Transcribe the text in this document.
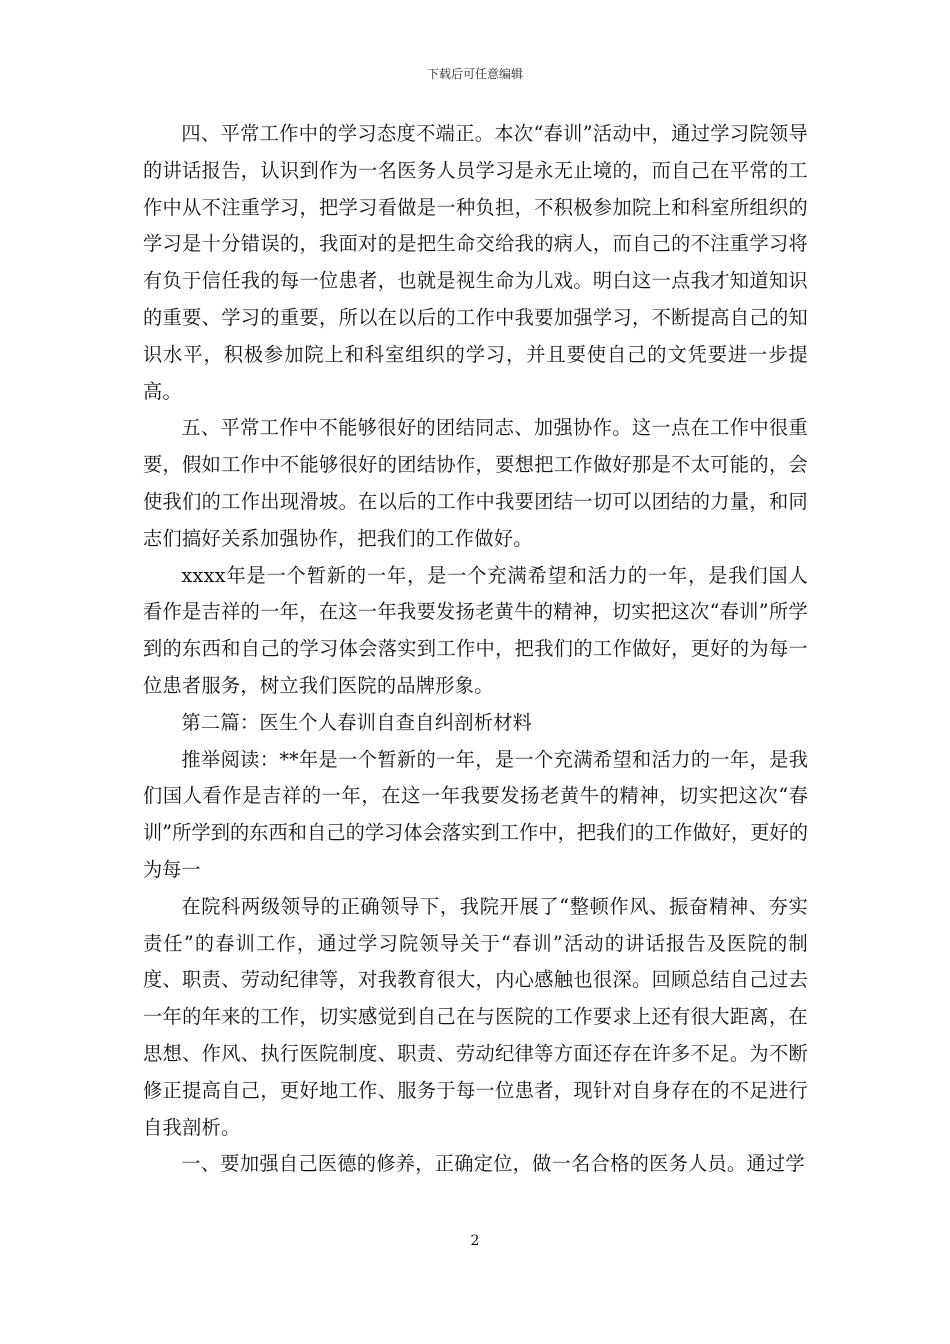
下载后可任意编辑

四、平常工作中的学习态度不端正。本次“春训”活动中，通过学习院领导的讲话报告，认识到作为一名医务人员学习是永无止境的，而自己在平常的工作中从不注重学习，把学习看做是一种负担，不积极参加院上和科室所组织的学习是十分错误的，我面对的是把生命交给我的病人，而自己的不注重学习将有负于信任我的每一位患者，也就是视生命为儿戏。明白这一点我才知道知识的重要、学习的重要，所以在以后的工作中我要加强学习，不断提高自己的知识水平，积极参加院上和科室组织的学习，并且要使自己的文凭要进一步提高。

五、平常工作中不能够很好的团结同志、加强协作。这一点在工作中很重要，假如工作中不能够很好的团结协作，要想把工作做好那是不太可能的，会使我们的工作出现滑坡。在以后的工作中我要团结一切可以团结的力量，和同志们搞好关系加强协作，把我们的工作做好。

xxxx年是一个暂新的一年，是一个充满希望和活力的一年，是我们国人看作是吉祥的一年，在这一年我要发扬老黄牛的精神，切实把这次“春训”所学到的东西和自己的学习体会落实到工作中，把我们的工作做好，更好的为每一位患者服务，树立我们医院的品牌形象。

第二篇：医生个人春训自查自纠剖析材料

推举阅读：**年是一个暂新的一年，是一个充满希望和活力的一年，是我们国人看作是吉祥的一年，在这一年我要发扬老黄牛的精神，切实把这次“春训”所学到的东西和自己的学习体会落实到工作中，把我们的工作做好，更好的为每一

在院科两级领导的正确领导下，我院开展了“整顿作风、振奋精神、夯实责任”的春训工作，通过学习院领导关于“春训”活动的讲话报告及医院的制度、职责、劳动纪律等，对我教育很大，内心感触也很深。回顾总结自己过去一年的年来的工作，切实感觉到自己在与医院的工作要求上还有很大距离，在思想、作风、执行医院制度、职责、劳动纪律等方面还存在许多不足。为不断修正提高自己，更好地工作、服务于每一位患者，现针对自身存在的不足进行自我剖析。

一、要加强自己医德的修养，正确定位，做一名合格的医务人员。通过学

2
